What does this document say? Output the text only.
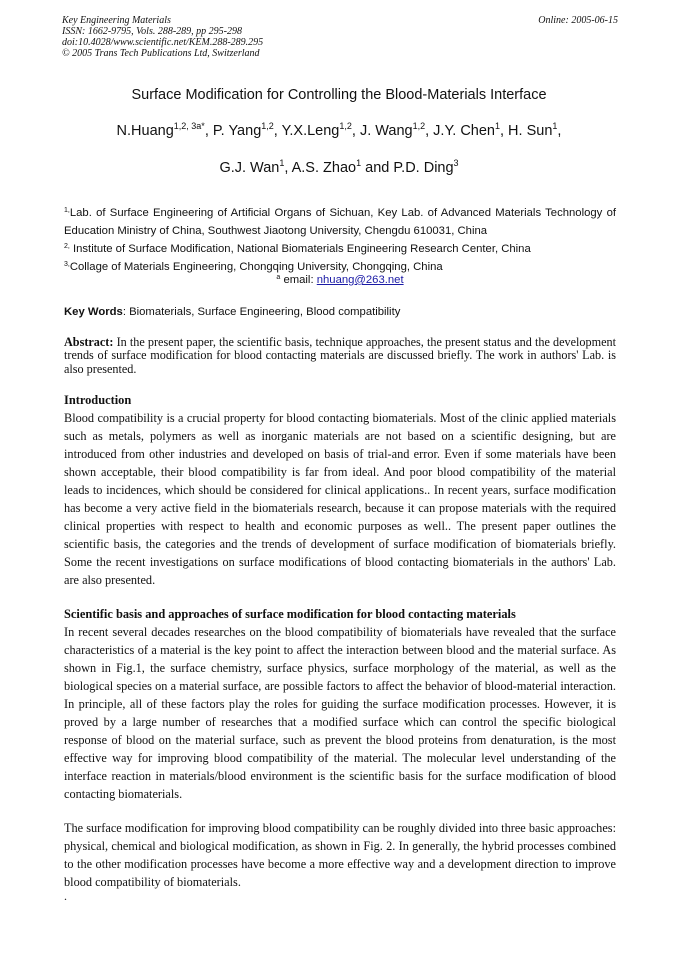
Key Engineering Materials
ISSN: 1662-9795, Vols. 288-289, pp 295-298
doi:10.4028/www.scientific.net/KEM.288-289.295
© 2005 Trans Tech Publications Ltd, Switzerland
Online: 2005-06-15
Surface Modification for Controlling the Blood-Materials Interface
N.Huang$^{1,2, 3a*}$, P. Yang$^{1,2}$, Y.X.Leng$^{1,2}$, J. Wang$^{1,2}$, J.Y. Chen$^1$, H. Sun$^1$,
G.J. Wan$^1$, A.S. Zhao$^1$ and P.D. Ding$^3$
$^{1,}$Lab. of Surface Engineering of Artificial Organs of Sichuan, Key Lab. of Advanced Materials Technology of Education Ministry of China, Southwest Jiaotong University, Chengdu 610031, China
$^{2,}$ Institute of Surface Modification, National Biomaterials Engineering Research Center, China
$^{3,}$Collage of Materials Engineering, Chongqing University, Chongqing, China
$^a$ email: nhuang@263.net
Key Words: Biomaterials, Surface Engineering, Blood compatibility
Abstract: In the present paper, the scientific basis, technique approaches, the present status and the development trends of surface modification for blood contacting materials are discussed briefly. The work in authors' Lab. is also presented.
Introduction
Blood compatibility is a crucial property for blood contacting biomaterials. Most of the clinic applied materials such as metals, polymers as well as inorganic materials are not based on a scientific designing, but are introduced from other industries and developed on basis of trial-and error. Even if some materials have been shown acceptable, their blood compatibility is far from ideal. And poor blood compatibility of the material leads to incidences, which should be considered for clinical applications.. In recent years, surface modification has become a very active field in the biomaterials research, because it can propose materials with the required clinical properties with respect to health and economic purposes as well.. The present paper outlines the scientific basis, the categories and the trends of development of surface modification of biomaterials briefly. Some the recent investigations on surface modifications of blood contacting biomaterials in the authors' Lab. are also presented.
Scientific basis and approaches of surface modification for blood contacting materials
In recent several decades researches on the blood compatibility of biomaterials have revealed that the surface characteristics of a material is the key point to affect the interaction between blood and the material surface. As shown in Fig.1, the surface chemistry, surface physics, surface morphology of the material, as well as the biological species on a material surface, are possible factors to affect the behavior of blood-material interaction. In principle, all of these factors play the roles for guiding the surface modification processes. However, it is proved by a large number of researches that a modified surface which can control the specific biological response of blood on the material surface, such as prevent the blood proteins from denaturation, is the most effective way for improving blood compatibility of the material. The molecular level understanding of the interface reaction in materials/blood environment is the scientific basis for the surface modification of blood contacting biomaterials.
The surface modification for improving blood compatibility can be roughly divided into three basic approaches: physical, chemical and biological modification, as shown in Fig. 2. In generally, the hybrid processes combined to the other modification processes have become a more effective way and a development direction to improve blood compatibility of biomaterials.
.
